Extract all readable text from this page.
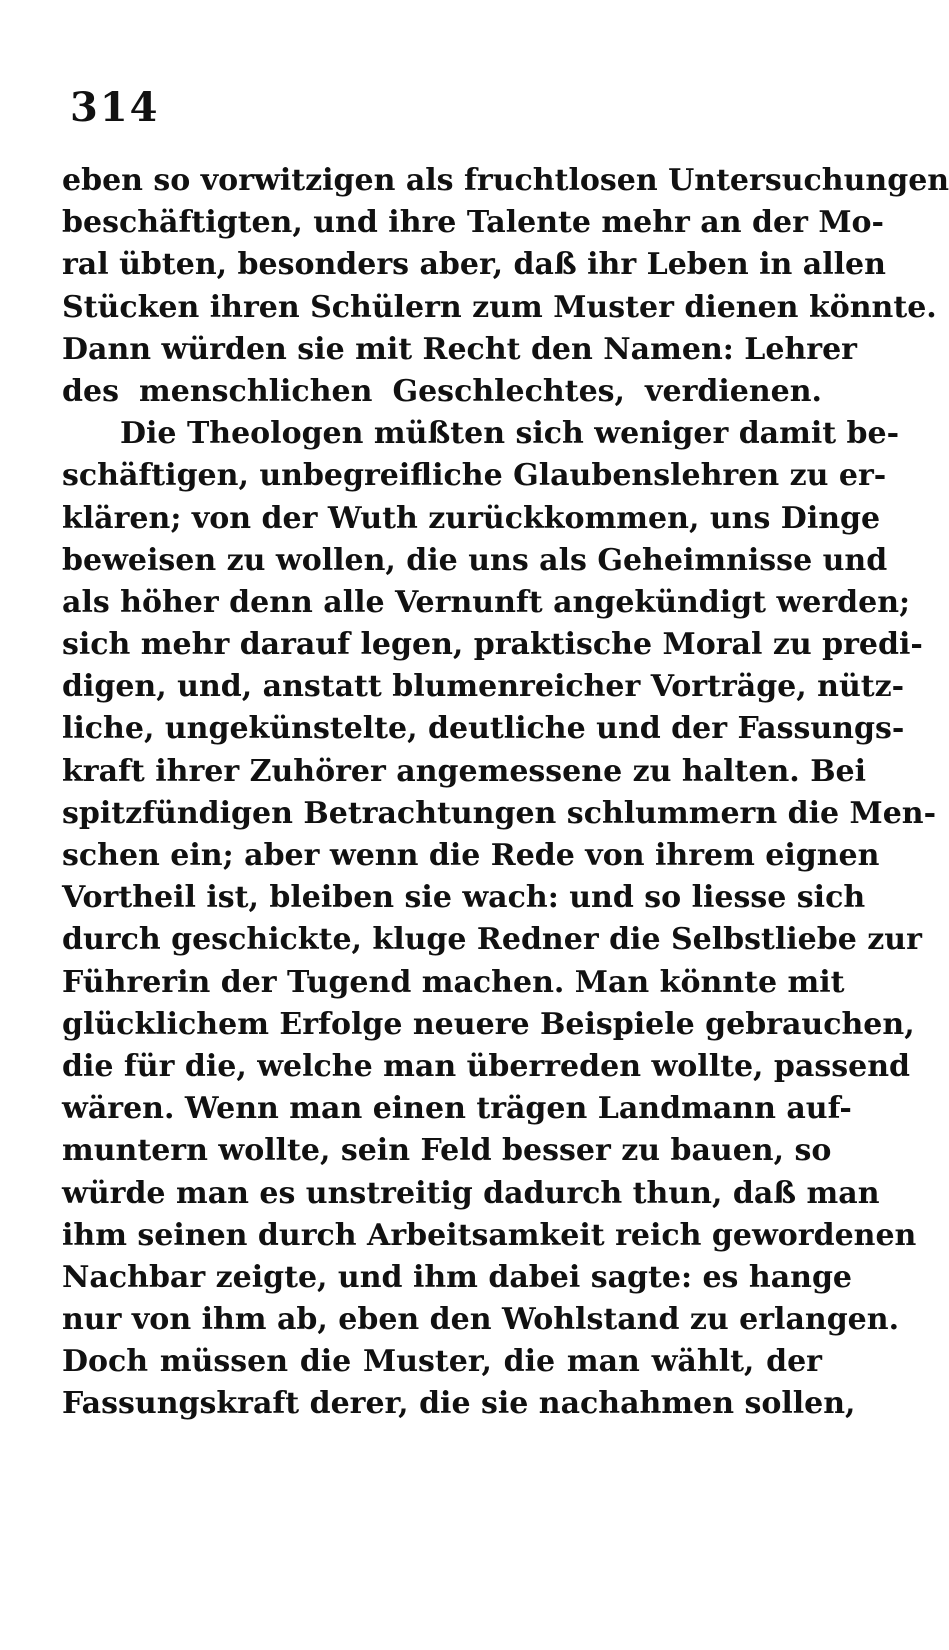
314
eben so vorwitzigen als fruchtlosen Untersuchungen
beschäftigten, und ihre Talente mehr an der Mo-
ral übten, besonders aber, daß ihr Leben in allen
Stücken ihren Schülern zum Muster dienen könnte.
Dann würden sie mit Recht den Namen: Lehrer
des menschlichen Geschlechtes, verdienen.
Die Theologen müßten sich weniger damit be-
schäftigen, unbegreifliche Glaubenslehren zu er-
klären; von der Wuth zurückkommen, uns Dinge
beweisen zu wollen, die uns als Geheimnisse und
als höher denn alle Vernunft angekündigt werden;
sich mehr darauf legen, praktische Moral zu predi-
digen, und, anstatt blumenreicher Vorträge, nütz-
liche, ungekünstelte, deutliche und der Fassungs-
kraft ihrer Zuhörer angemessene zu halten. Bei
spitzfündigen Betrachtungen schlummern die Men-
schen ein; aber wenn die Rede von ihrem eignen
Vortheil ist, bleiben sie wach: und so liesse sich
durch geschickte, kluge Redner die Selbstliebe zur
Führerin der Tugend machen. Man könnte mit
glücklichem Erfolge neuere Beispiele gebrauchen,
die für die, welche man überreden wollte, passend
wären. Wenn man einen trägen Landmann auf-
muntern wollte, sein Feld besser zu bauen, so
würde man es unstreitig dadurch thun, daß man
ihm seinen durch Arbeitsamkeit reich gewordenen
Nachbar zeigte, und ihm dabei sagte: es hange
nur von ihm ab, eben den Wohlstand zu erlangen.
Doch müssen die Muster, die man wählt, der
Fassungskraft derer, die sie nachahmen sollen,
